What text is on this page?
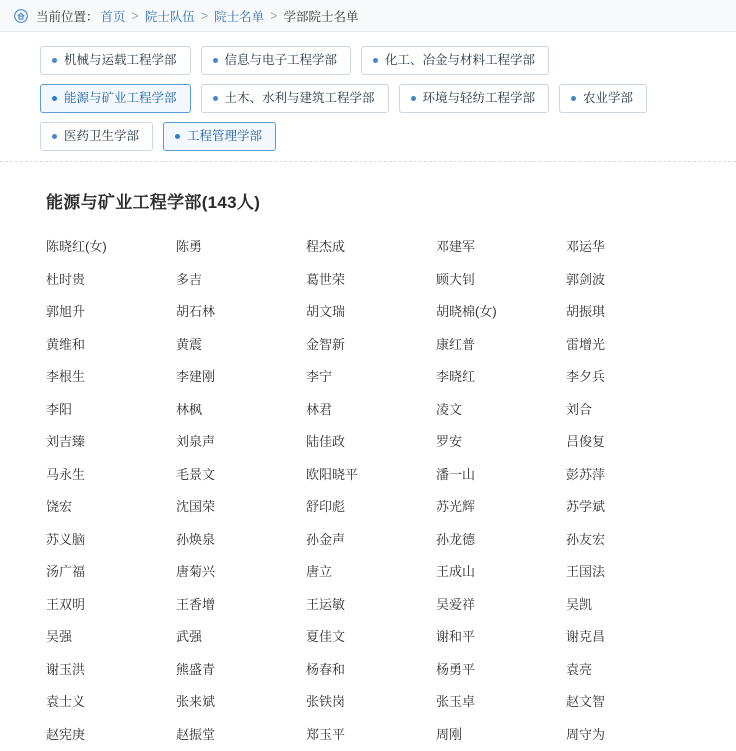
当前位置： 首页 > 院士队伍 > 院士名单 > 学部院士名单
机械与运载工程学部	信息与电子工程学部	化工、冶金与材料工程学部
能源与矿业工程学部	土木、水利与建筑工程学部	环境与轻纺工程学部	农业学部
医药卫生学部	工程管理学部
能源与矿业工程学部(143人)
陈晓红(女)	陈勇	程杰成	邓建军	邓运华
杜时贵	多吉	葛世荣	顾大钊	郭剑波
郭旭升	胡石林	胡文瑞	胡晓棉(女)	胡振琪
黄维和	黄震	金智新	康红普	雷增光
李根生	李建刚	李宁	李晓红	李夕兵
李阳	林枫	林君	凌文	刘合
刘吉臻	刘泉声	陆佳政	罗安	吕俊复
马永生	毛景文	欧阳晓平	潘一山	彭苏萍
饶宏	沈国荣	舒印彪	苏光辉	苏学斌
苏义脑	孙焕泉	孙金声	孙龙德	孙友宏
汤广福	唐菊兴	唐立	王成山	王国法
王双明	王香增	王运敏	吴爱祥	吴凯
吴强	武强	夏佳文	谢和平	谢克昌
谢玉洪	熊盛青	杨春和	杨勇平	袁亮
袁士义	张来斌	张铁岗	张玉卓	赵文智
赵宪庚	赵振堂	郑玉平	周刚	周守为
